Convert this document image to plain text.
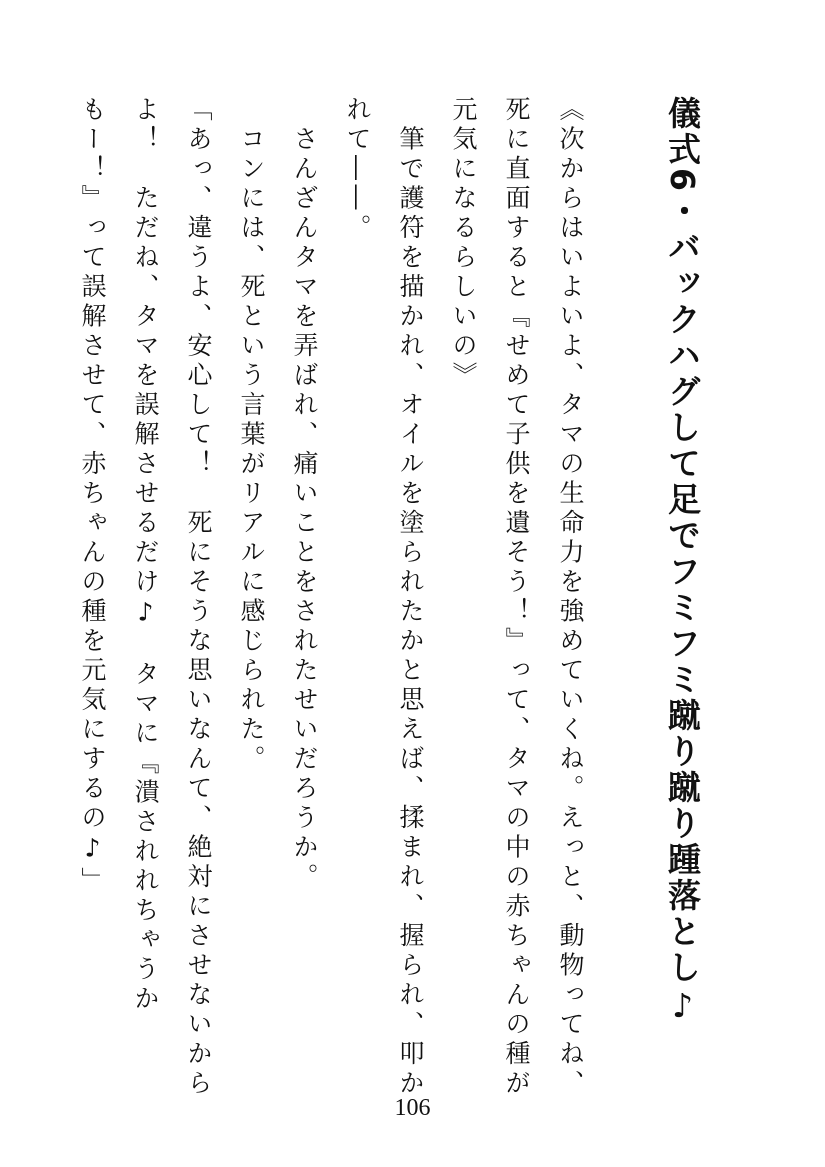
儀式6・バックハグして足でフミフミ蹴り蹴り踵落とし♪
《次からはいよいよ、タマの生命力を強めていくね。えっと、動物ってね、
死に直面すると『せめて子供を遺そう！』って、タマの中の赤ちゃんの種が
元気になるらしいの》
　筆で護符を描かれ、オイルを塗られたかと思えば、揉まれ、握られ、叩か
れて――。
　さんざんタマを弄ばれ、痛いことをされたせいだろうか。
　コンには、死という言葉がリアルに感じられた。
「あっ、違うよ、安心して！　死にそうな思いなんて、絶対にさせないから
よ！　ただね、タマを誤解させるだけ♪　タマに『潰されれちゃうか
もー！』って誤解させて、赤ちゃんの種を元気にするの♪」
106
